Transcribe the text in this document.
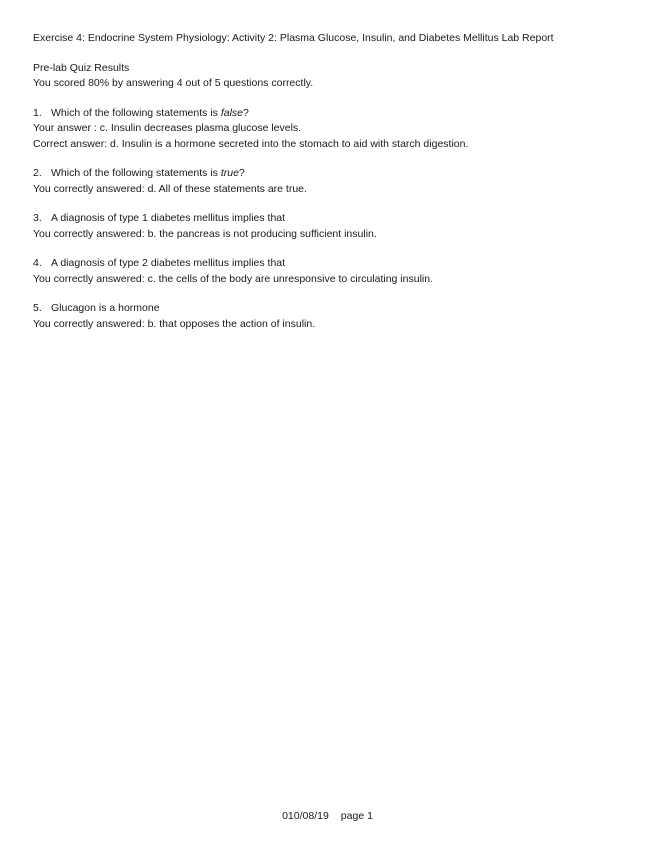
Exercise 4: Endocrine System Physiology: Activity 2: Plasma Glucose, Insulin, and Diabetes Mellitus Lab Report
Pre-lab Quiz Results
You scored 80% by answering 4 out of 5 questions correctly.
1. Which of the following statements is false?
Your answer : c. Insulin decreases plasma glucose levels.
Correct answer: d. Insulin is a hormone secreted into the stomach to aid with starch digestion.
2. Which of the following statements is true?
You correctly answered: d. All of these statements are true.
3. A diagnosis of type 1 diabetes mellitus implies that
You correctly answered: b. the pancreas is not producing sufficient insulin.
4. A diagnosis of type 2 diabetes mellitus implies that
You correctly answered: c. the cells of the body are unresponsive to circulating insulin.
5. Glucagon is a hormone
You correctly answered: b. that opposes the action of insulin.
010/08/19 page 1
